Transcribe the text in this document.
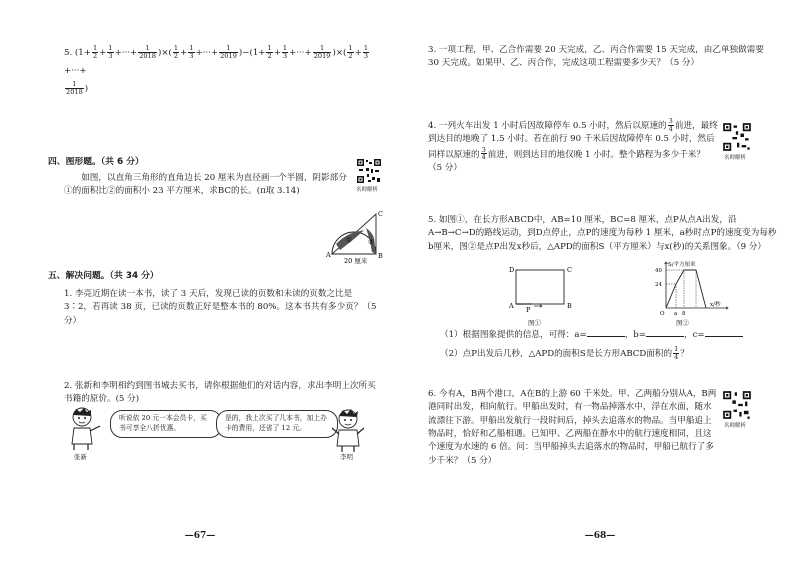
5. ($1+ \frac{1}{2} + \frac{1}{3}$ +···+ $\frac{1}{2018}$ )×( $\frac{1}{2} + \frac{1}{3}$ +···+ $\frac{1}{2019} )-(1+ \frac{1}{2} + \frac{1}{3}$ +···+ $\frac{1}{2019}$ )×( $\frac{1}{2} + \frac{1}{3}$
+···+

$\frac{1}{2018}$ )
四、图形题。（共 6 分）
如图，以直角三角形的直角边长 20 厘米为直径画一个半圆，阴影部分①的面积比②的面积小 23 平方厘米，求BC的长。(π取 3.14)	名师解析
A	B
C
① ②
20 厘米
五、解决问题。（共 34 分）
1. 李亮近期在读一本书，读了 3 天后，发现已读的页数和未读的页数之比是 3∶2，若再读 38 页，已读的页数正好是整本书的 80%。这本书共有多少页？（5 分）
2. 张新和李明相约到图书城去买书，请你根据他们的对话内容，求出李明上次所买书籍的原价。(5 分)
张新
听说依 20 元一本会员卡，买书可享全八折优惠。
是的，我上次买了几本书，加上办卡的费用，还省了 12 元。
李明
—67—
3. 一项工程，甲、乙合作需要 20 天完成，乙、丙合作需要 15 天完成，由乙单独做需要 30 天完成。如果甲、乙、丙合作，完成这项工程需要多少天？（5 分）
4. 一列火车出发 1 小时后因故障停车 0.5 小时，然后以原速的 $\frac{3}{4}$ 前进，最终到达目的地晚了 1.5 小时。若在前行 90 千米后因故障停车 0.5 小时，然后同样以原速的 $\frac{3}{4}$ 前进，则到达目的地仅晚 1 小时。整个路程为多少千米？（5 分）
名师解析
5. 如图①，在长方形ABCD中，AB=10 厘米，BC=8 厘米，点P从点A出发，沿A→B→C→D的路线运动，到D点停止，点P的速度为每秒 1 厘米，a秒时点P的速度变为每秒b厘米，图②是点P出发x秒后，△APD的面积S（平方厘米）与x(秒)的关系图象。（9 分）
D	C
A	B
P
图①
S/平方厘米
40
24
O a 8
x/秒
图②
（1）根据图象提供的信息，可得：a=	，b=	，c=
（2）点P出发后几秒，△APD的面积S是长方形ABCD面积的 $\frac{1}{4}$ ？
6. 今有A，B两个港口，A在B的上游 60 千米处。甲、乙两船分别从A，B两港同时出发，相向航行。甲船出发时，有一物品掉落水中，浮在水面，随水流漂往下游。甲船出发航行一段时间后，掉头去追落水的物品。当甲船追上物品时，恰好和乙船相遇。已知甲、乙两船在静水中的航行速度相同，且这个速度为水速的 6 倍。问：当甲船掉头去追落水的物品时，甲船已航行了多少千米？（5 分）
名师解析
—68—
